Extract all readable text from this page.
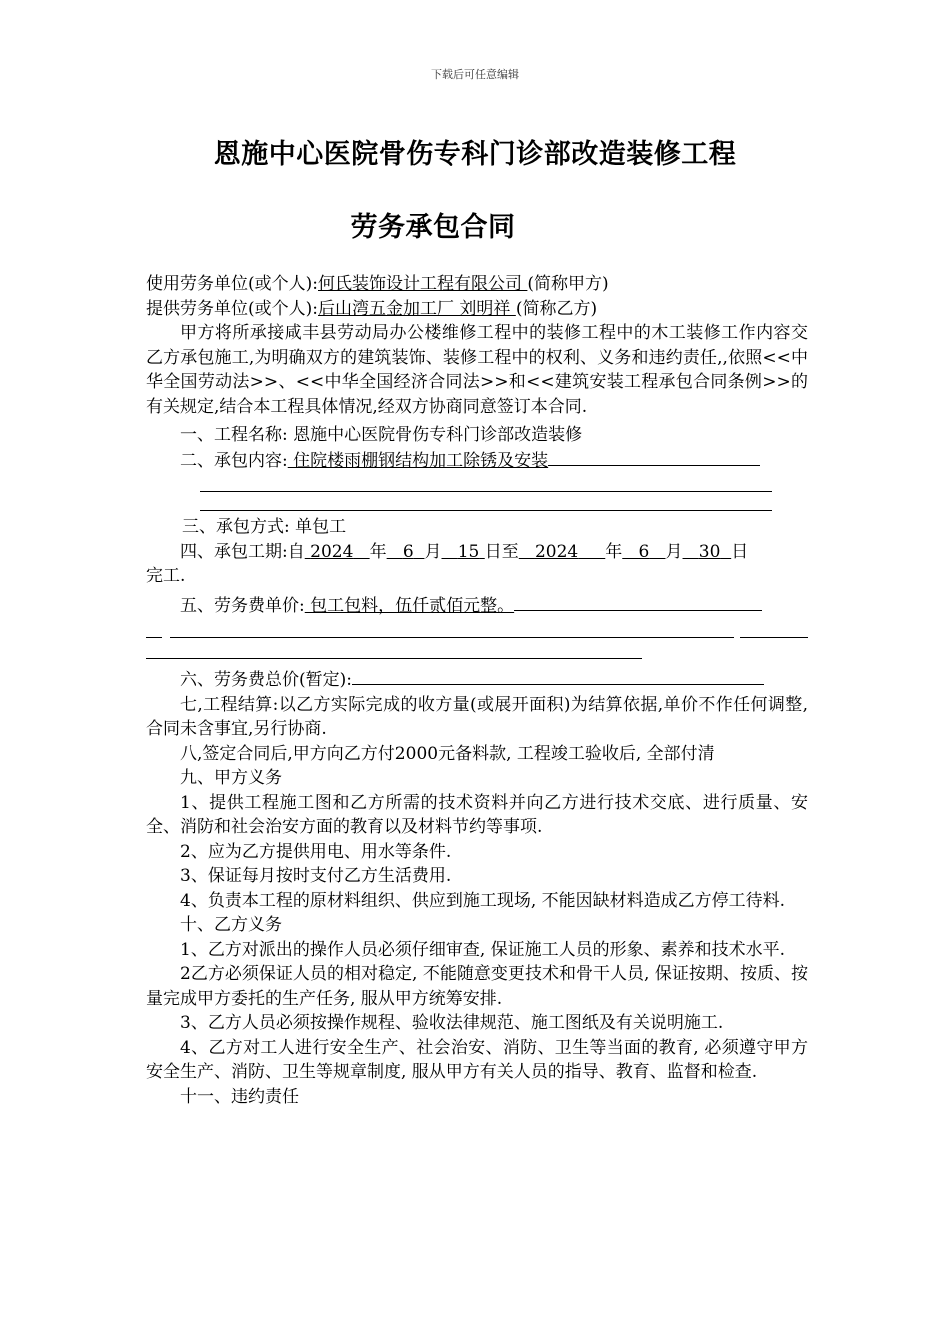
下载后可任意编辑
恩施中心医院骨伤专科门诊部改造装修工程
劳务承包合同
使用劳务单位(或个人):何氏装饰设计工程有限公司 (简称甲方)
提供劳务单位(或个人):后山湾五金加工厂 刘明祥 (简称乙方)
甲方将所承接咸丰县劳动局办公楼维修工程中的装修工程中的木工装修工作内容交乙方承包施工,为明确双方的建筑装饰、装修工程中的权利、义务和违约责任,,依照<<中华全国劳动法>>、<<中华全国经济合同法>>和<<建筑安装工程承包合同条例>>的有关规定,结合本工程具体情况,经双方协商同意签订本合同.
一、工程名称: 恩施中心医院骨伤专科门诊部改造装修
二、承包内容: 住院楼雨棚钢结构加工除锈及安装
三、承包方式: 单包工
四、承包工期:自 2024 年 6 月 15 日至 2024 年 6 月 30 日
完工.
五、劳务费单价: 包工包料，伍仟贰佰元整。
六、劳务费总价(暂定):
七,工程结算:以乙方实际完成的收方量(或展开面积)为结算依据,单价不作任何调整,合同未含事宜,另行协商.
八,签定合同后,甲方向乙方付2000元备料款, 工程竣工验收后, 全部付清
九、甲方义务
1、提供工程施工图和乙方所需的技术资料并向乙方进行技术交底、进行质量、安全、消防和社会治安方面的教育以及材料节约等事项.
2、应为乙方提供用电、用水等条件.
3、保证每月按时支付乙方生活费用.
4、负责本工程的原材料组织、供应到施工现场, 不能因缺材料造成乙方停工待料.
十、乙方义务
1、乙方对派出的操作人员必须仔细审查, 保证施工人员的形象、素养和技术水平.
2乙方必须保证人员的相对稳定, 不能随意变更技术和骨干人员, 保证按期、按质、按量完成甲方委托的生产任务, 服从甲方统筹安排.
3、乙方人员必须按操作规程、验收法律规范、施工图纸及有关说明施工.
4、乙方对工人进行安全生产、社会治安、消防、卫生等当面的教育, 必须遵守甲方安全生产、消防、卫生等规章制度, 服从甲方有关人员的指导、教育、监督和检查.
十一、违约责任
